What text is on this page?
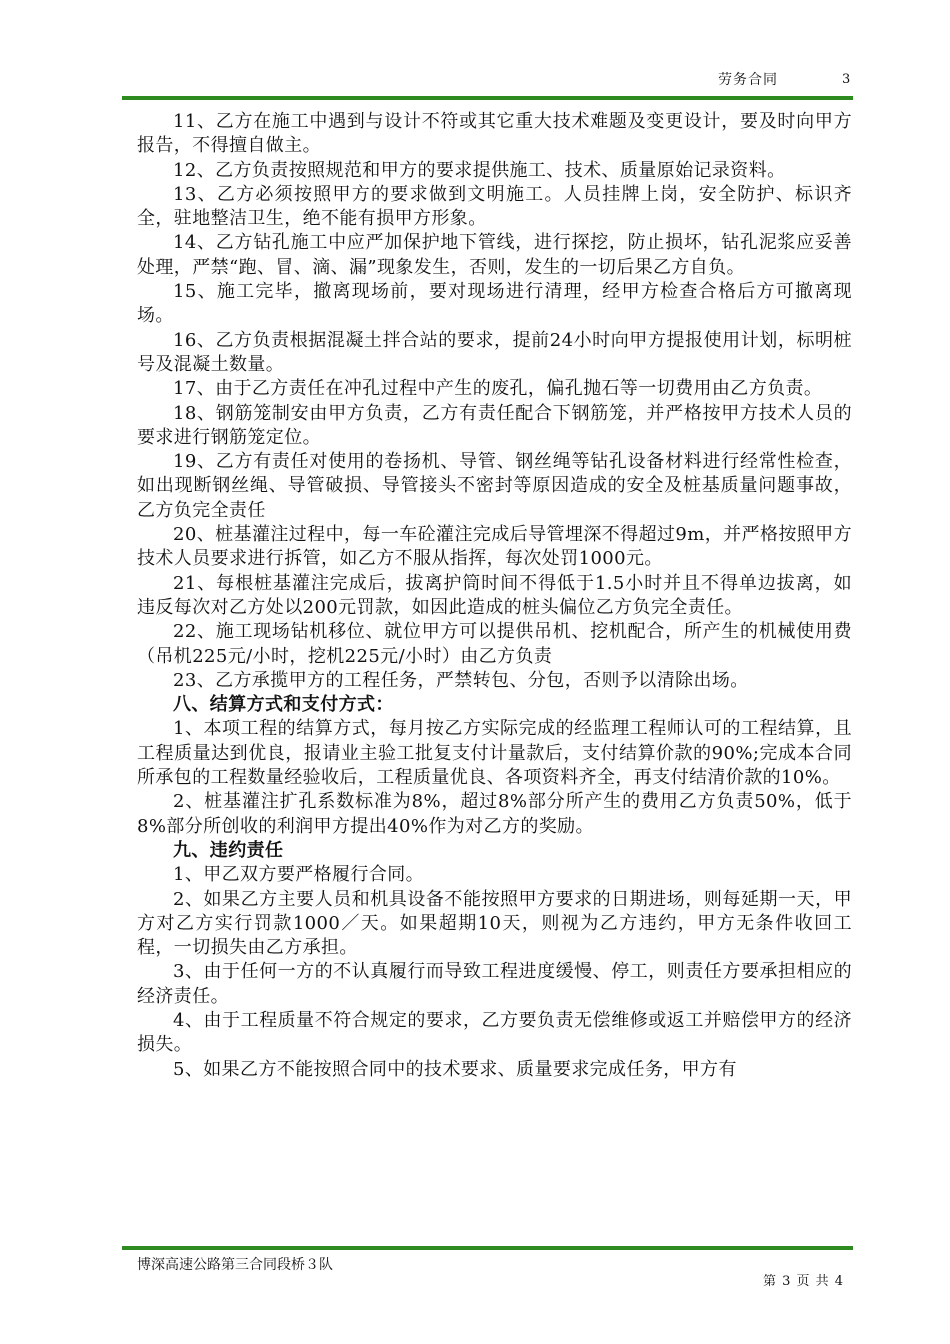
劳务合同	3

11、乙方在施工中遇到与设计不符或其它重大技术难题及变更设计，要及时向甲方报告，不得擅自做主。

12、乙方负责按照规范和甲方的要求提供施工、技术、质量原始记录资料。

13、乙方必须按照甲方的要求做到文明施工。人员挂牌上岗，安全防护、标识齐全，驻地整洁卫生，绝不能有损甲方形象。

14、乙方钻孔施工中应严加保护地下管线，进行探挖，防止损坏，钻孔泥浆应妥善处理，严禁“跑、冒、滴、漏”现象发生，否则，发生的一切后果乙方自负。

15、施工完毕，撤离现场前，要对现场进行清理，经甲方检查合格后方可撤离现场。

16、乙方负责根据混凝土拌合站的要求，提前24小时向甲方提报使用计划，标明桩号及混凝土数量。

17、由于乙方责任在冲孔过程中产生的废孔，偏孔抛石等一切费用由乙方负责。

18、钢筋笼制安由甲方负责，乙方有责任配合下钢筋笼，并严格按甲方技术人员的要求进行钢筋笼定位。

19、乙方有责任对使用的卷扬机、导管、钢丝绳等钻孔设备材料进行经常性检查，如出现断钢丝绳、导管破损、导管接头不密封等原因造成的安全及桩基质量问题事故，乙方负完全责任

20、桩基灌注过程中，每一车砼灌注完成后导管埋深不得超过9m，并严格按照甲方技术人员要求进行拆管，如乙方不服从指挥，每次处罚1000元。

21、每根桩基灌注完成后，拔离护筒时间不得低于1.5小时并且不得单边拔离，如违反每次对乙方处以200元罚款，如因此造成的桩头偏位乙方负完全责任。

22、施工现场钻机移位、就位甲方可以提供吊机、挖机配合，所产生的机械使用费（吊机225元/小时，挖机225元/小时）由乙方负责

23、乙方承揽甲方的工程任务，严禁转包、分包，否则予以清除出场。

八、结算方式和支付方式：

1、本项工程的结算方式，每月按乙方实际完成的经监理工程师认可的工程结算，且工程质量达到优良，报请业主验工批复支付计量款后，支付结算价款的90%;完成本合同所承包的工程数量经验收后，工程质量优良、各项资料齐全，再支付结清价款的10%。

2、桩基灌注扩孔系数标准为8%，超过8%部分所产生的费用乙方负责50%，低于8%部分所创收的利润甲方提出40%作为对乙方的奖励。

九、违约责任

1、甲乙双方要严格履行合同。

2、如果乙方主要人员和机具设备不能按照甲方要求的日期进场，则每延期一天，甲方对乙方实行罚款1000／天。如果超期10天，则视为乙方违约，甲方无条件收回工程，一切损失由乙方承担。

3、由于任何一方的不认真履行而导致工程进度缓慢、停工，则责任方要承担相应的经济责任。

4、由于工程质量不符合规定的要求，乙方要负责无偿维修或返工并赔偿甲方的经济损失。

5、如果乙方不能按照合同中的技术要求、质量要求完成任务，甲方有

博深高速公路第三合同段桥３队
第 3 页 共 4
